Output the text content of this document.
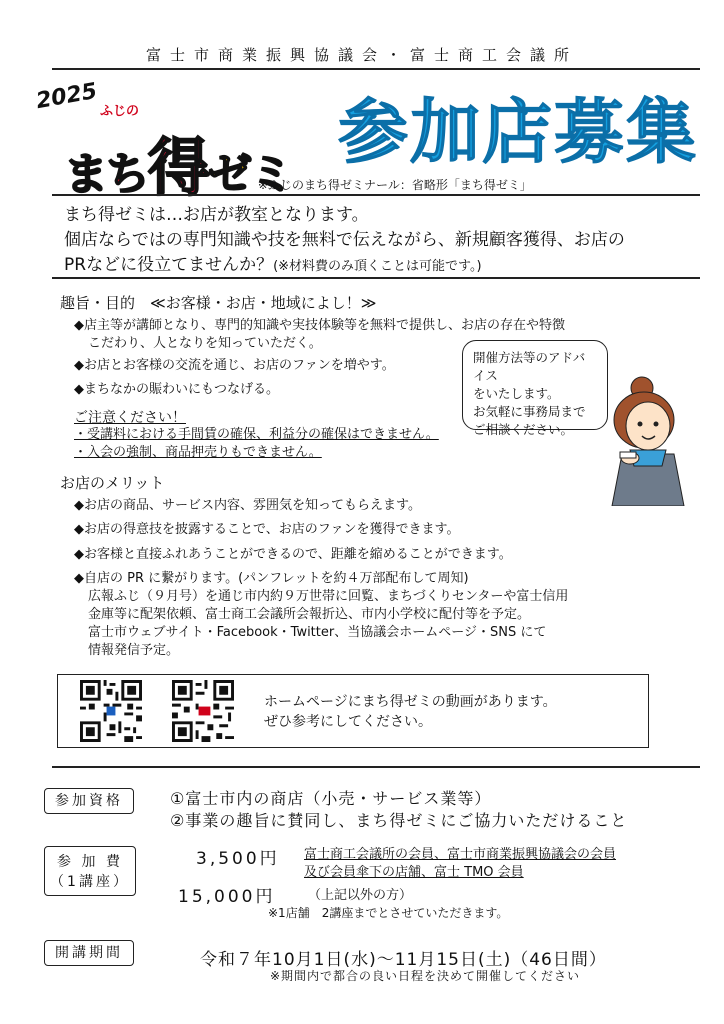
富士市商業振興協議会・富士商工会議所
2025 ふじの
まち得ゼミ
参加店募集
※ふじのまち得ゼミナール：省略形「まち得ゼミ」
まち得ゼミは…お店が教室となります。
個店ならではの専門知識や技を無料で伝えながら、新規顧客獲得、お店の
PRなどに役立てませんか？(※材料費のみ頂くことは可能です。)
趣旨・目的　≪お客様・お店・地域によし！≫
◆店主等が講師となり、専門的知識や実技体験等を無料で提供し、お店の存在や特徴
こだわり、人となりを知っていただく。
◆お店とお客様の交流を通じ、お店のファンを増やす。
◆まちなかの賑わいにもつなげる。
ご注意ください！
・受講料における手間賃の確保、利益分の確保はできません。
・入会の強制、商品押売りもできません。
開催方法等のアドバイス
をいたします。
お気軽に事務局まで
ご相談ください。
お店のメリット
◆お店の商品、サービス内容、雰囲気を知ってもらえます。
◆お店の得意技を披露することで、お店のファンを獲得できます。
◆お客様と直接ふれあうことができるので、距離を縮めることができます。
◆自店の PR に繋がります。(パンフレットを約４万部配布して周知)
広報ふじ（９月号）を通じ市内約９万世帯に回覧、まちづくりセンターや富士信用
金庫等に配架依頼、富士商工会議所会報折込、市内小学校に配付等を予定。
富士市ウェブサイト・Facebook・Twitter、当協議会ホームページ・SNS にて
情報発信予定。
ホームページにまち得ゼミの動画があります。
ぜひ参考にしてください。
参加資格	①富士市内の商店（小売・サービス業等）
②事業の趣旨に賛同し、まち得ゼミにご協力いただけること
参 加 費
（1講座）
3,500円 富士商工会議所の会員、富士市商業振興協議会の会員
及び会員傘下の店舗、富士 TMO 会員
15,000円	（上記以外の方）
※1店舗　2講座までとさせていただきます。
開講期間	令和７年10月1日(水)〜11月15日(土)（46日間）
※期間内で都合の良い日程を決めて開催してください
